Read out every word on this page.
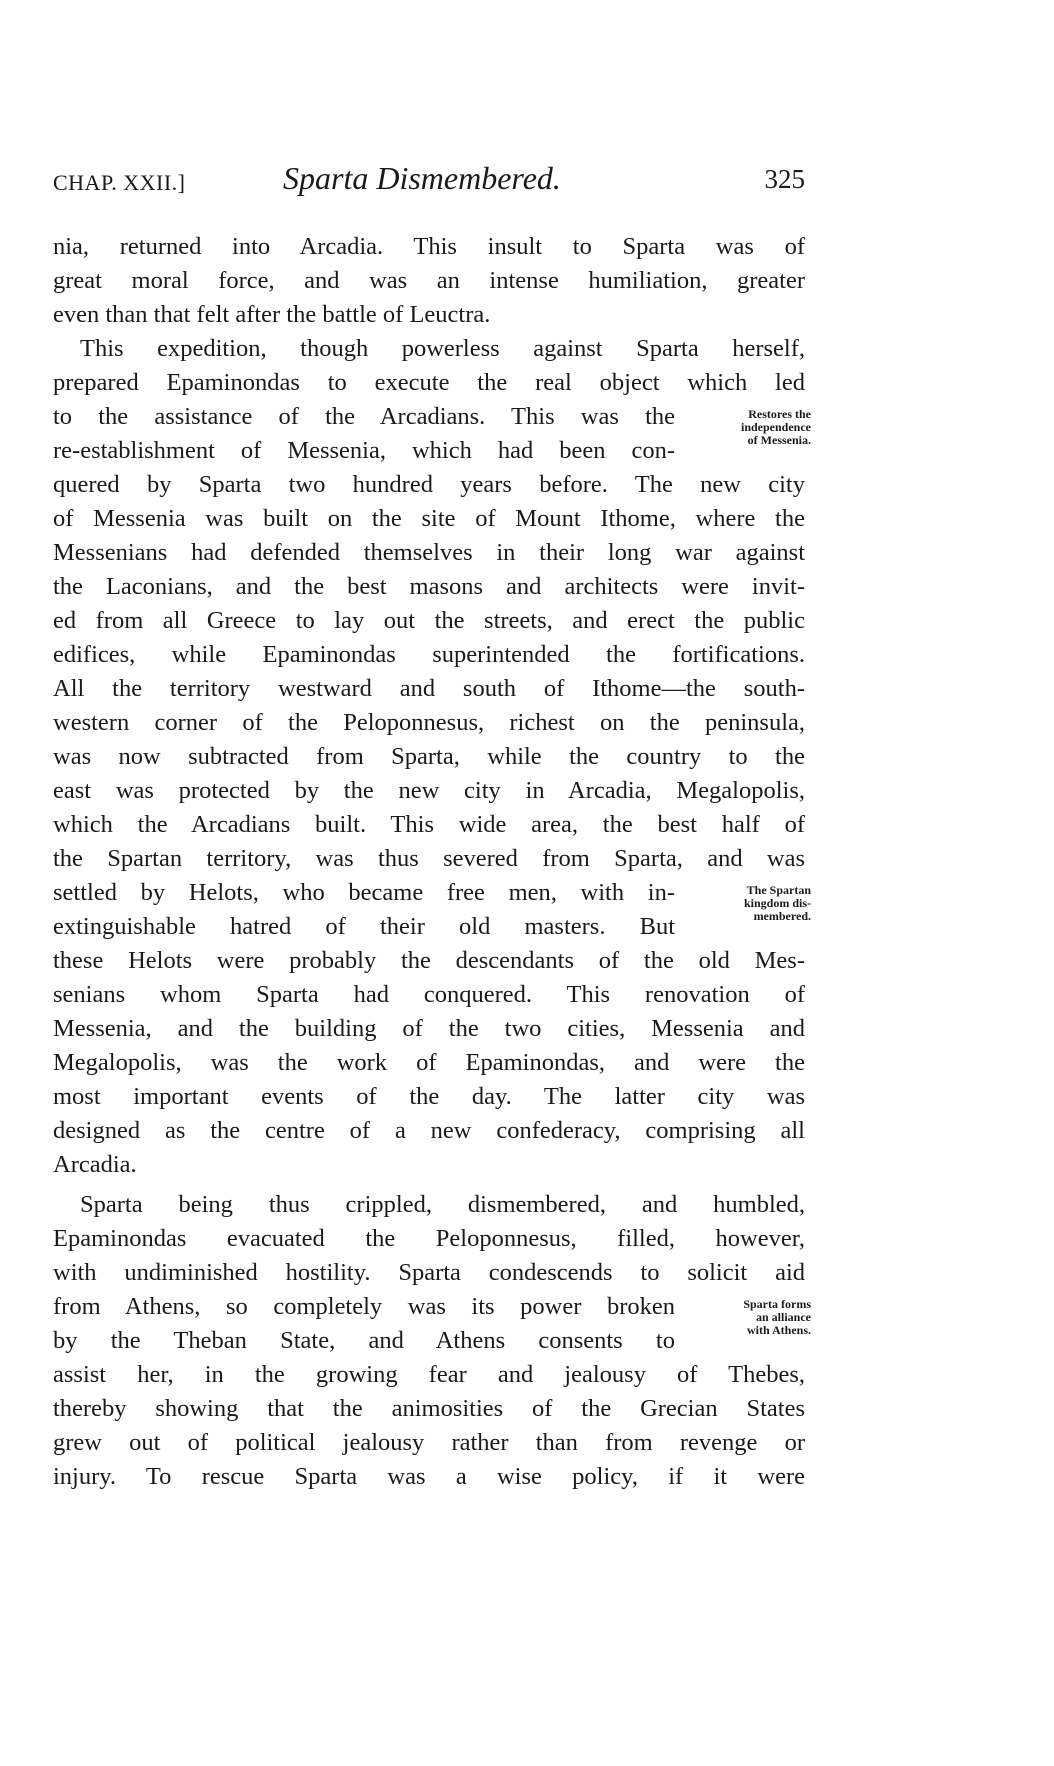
CHAP. XXII.]	Sparta Dismembered.	325
nia, returned into Arcadia. This insult to Sparta was of
great moral force, and was an intense humiliation, greater
even than that felt after the battle of Leuctra.
This expedition, though powerless against Sparta herself,
prepared Epaminondas to execute the real object which led
to the assistance of the Arcadians. This was the
re-establishment of Messenia, which had been con-
quered by Sparta two hundred years before. The new city
of Messenia was built on the site of Mount Ithome, where the
Messenians had defended themselves in their long war against
the Laconians, and the best masons and architects were invit-
ed from all Greece to lay out the streets, and erect the public
edifices, while Epaminondas superintended the fortifications.
All the territory westward and south of Ithome—the south-
western corner of the Peloponnesus, richest on the peninsula,
was now subtracted from Sparta, while the country to the
east was protected by the new city in Arcadia, Megalopolis,
which the Arcadians built. This wide area, the best half of
the Spartan territory, was thus severed from Sparta, and was
settled by Helots, who became free men, with in-
extinguishable hatred of their old masters. But
these Helots were probably the descendants of the old Mes-
senians whom Sparta had conquered. This renovation of
Messenia, and the building of the two cities, Messenia and
Megalopolis, was the work of Epaminondas, and were the
most important events of the day. The latter city was
designed as the centre of a new confederacy, comprising all
Arcadia.
Sparta being thus crippled, dismembered, and humbled,
Epaminondas evacuated the Peloponnesus, filled, however,
with undiminished hostility. Sparta condescends to solicit aid
from Athens, so completely was its power broken
by the Theban State, and Athens consents to
assist her, in the growing fear and jealousy of Thebes,
thereby showing that the animosities of the Grecian States
grew out of political jealousy rather than from revenge or
injury. To rescue Sparta was a wise policy, if it were
Restores the
independence
of Messenia.
The Spartan
kingdom dis-
membered.
Sparta forms
an alliance
with Athens.
